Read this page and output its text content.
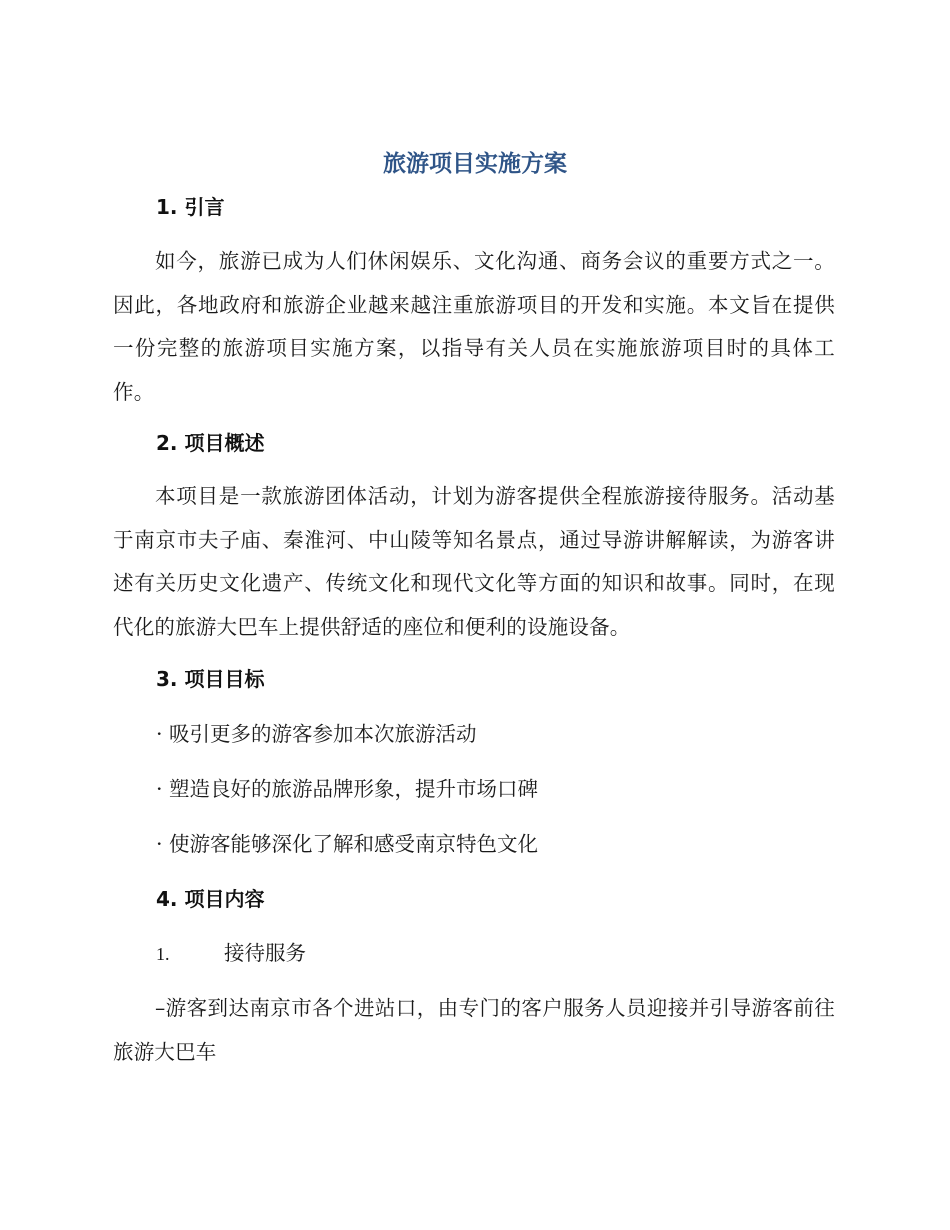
旅游项目实施方案
1. 引言
如今，旅游已成为人们休闲娱乐、文化沟通、商务会议的重要方式之一。因此，各地政府和旅游企业越来越注重旅游项目的开发和实施。本文旨在提供一份完整的旅游项目实施方案，以指导有关人员在实施旅游项目时的具体工作。
2. 项目概述
本项目是一款旅游团体活动，计划为游客提供全程旅游接待服务。活动基于南京市夫子庙、秦淮河、中山陵等知名景点，通过导游讲解解读，为游客讲述有关历史文化遗产、传统文化和现代文化等方面的知识和故事。同时，在现代化的旅游大巴车上提供舒适的座位和便利的设施设备。
3. 项目目标
· 吸引更多的游客参加本次旅游活动
· 塑造良好的旅游品牌形象，提升市场口碑
· 使游客能够深化了解和感受南京特色文化
4. 项目内容
1.	接待服务
–游客到达南京市各个进站口，由专门的客户服务人员迎接并引导游客前往旅游大巴车
